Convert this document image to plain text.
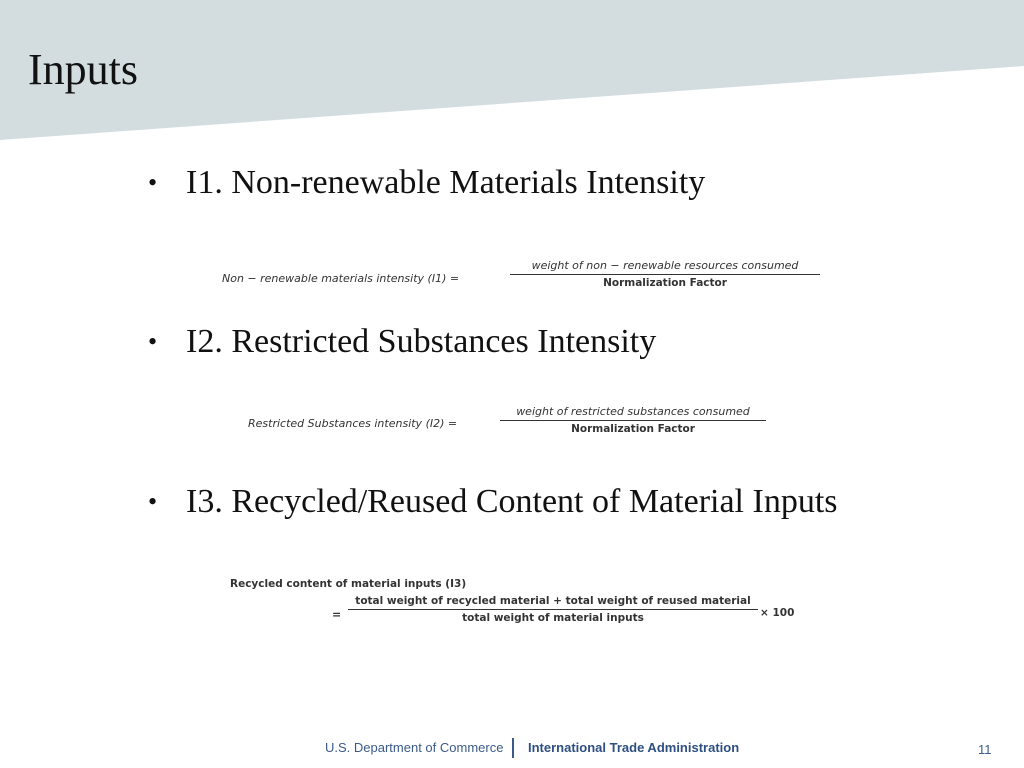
Inputs
• I1. Non-renewable Materials Intensity
Non − renewable materials intensity (I1) =
weight of non − renewable resources consumed
Normalization Factor
• I2. Restricted Substances Intensity
Restricted Substances intensity (I2) =
weight of restricted substances consumed
Normalization Factor
• I3. Recycled/Reused Content of Material Inputs
Recycled content of material inputs (I3)
=
total weight of recycled material + total weight of reused material
total weight of material inputs	× 100
U.S. Department of Commerce International Trade Administration	11
